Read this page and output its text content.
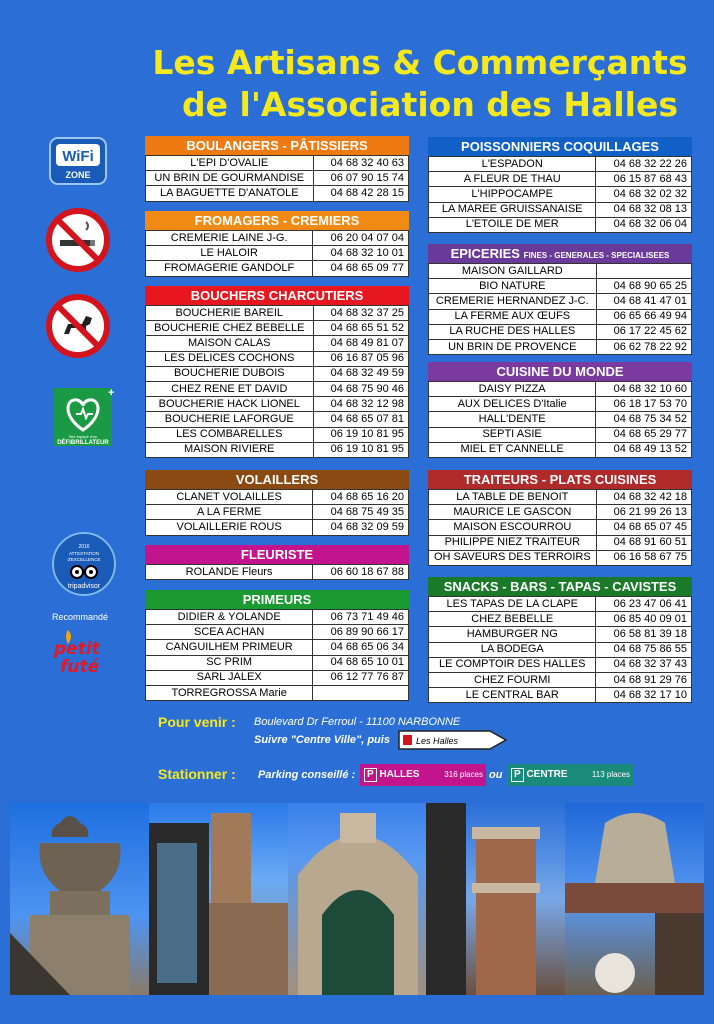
Les Artisans & Commerçants
de l'Association des Halles
WiFi
ZONE
+
Site équipé d'un
DÉFIBRILLATEUR
2016
ATTESTATION
d'EXCELLENCE
tripadvisor
Recommandé
petit
futé
BOULANGERS - PÂTISSIERS
L'EPI D'OVALIE	04 68 32 40 63
UN BRIN DE GOURMANDISE	06 07 90 15 74
LA BAGUETTE D'ANATOLE	04 68 42 28 15
FROMAGERS - CREMIERS
CREMERIE LAINE J-G.	06 20 04 07 04
LE HALOIR	04 68 32 10 01
FROMAGERIE GANDOLF	04 68 65 09 77
BOUCHERS CHARCUTIERS
BOUCHERIE BAREIL	04 68 32 37 25
BOUCHERIE CHEZ BEBELLE	04 68 65 51 52
MAISON CALAS	04 68 49 81 07
LES DELICES COCHONS	06 16 87 05 96
BOUCHERIE DUBOIS	04 68 32 49 59
CHEZ RENE ET DAVID	04 68 75 90 46
BOUCHERIE HACK LIONEL	04 68 32 12 98
BOUCHERIE LAFORGUE	04 68 65 07 81
LES COMBARELLES	06 19 10 81 95
MAISON RIVIERE	06 19 10 81 95
VOLAILLERS
CLANET VOLAILLES	04 68 65 16 20
A LA FERME	04 68 75 49 35
VOLAILLERIE ROUS	04 68 32 09 59
FLEURISTE
ROLANDE Fleurs	06 60 18 67 88
PRIMEURS
DIDIER & YOLANDE	06 73 71 49 46
SCEA ACHAN	06 89 90 66 17
CANGUILHEM PRIMEUR	04 68 65 06 34
SC PRIM	04 68 65 10 01
SARL JALEX	06 12 77 76 87
TORREGROSSA Marie	
POISSONNIERS COQUILLAGES
L'ESPADON	04 68 32 22 26
A FLEUR DE THAU	06 15 87 68 43
L'HIPPOCAMPE	04 68 32 02 32
LA MAREE GRUISSANAISE	04 68 32 08 13
L'ETOILE DE MER	04 68 32 06 04
EPICERIES FINES - GENERALES - SPECIALISEES
MAISON GAILLARD	
BIO NATURE	04 68 90 65 25
CREMERIE HERNANDEZ J-C.	04 68 41 47 01
LA FERME AUX ŒUFS	06 65 66 49 94
LA RUCHE DES HALLES	06 17 22 45 62
UN BRIN DE PROVENCE	06 62 78 22 92
CUISINE DU MONDE
DAISY PIZZA	04 68 32 10 60
AUX DELICES D'Italie	06 18 17 53 70
HALL'DENTE	04 68 75 34 52
SEPTI ASIE	04 68 65 29 77
MIEL ET CANNELLE	04 68 49 13 52
TRAITEURS - PLATS CUISINES
LA TABLE DE BENOIT	04 68 32 42 18
MAURICE LE GASCON	06 21 99 26 13
MAISON ESCOURROU	04 68 65 07 45
PHILIPPE NIEZ TRAITEUR	04 68 91 60 51
OH SAVEURS DES TERROIRS	06 16 58 67 75
SNACKS - BARS - TAPAS - CAVISTES
LES TAPAS DE LA CLAPE	06 23 47 06 41
CHEZ BEBELLE	06 85 40 09 01
HAMBURGER NG	06 58 81 39 18
LA BODEGA	04 68 75 86 55
LE COMPTOIR DES HALLES	04 68 32 37 43
CHEZ FOURMI	04 68 91 29 76
LE CENTRAL BAR	04 68 32 17 10
Pour venir : Boulevard Dr Ferroul - 11100 NARBONNE
Suivre "Centre Ville", puis	Les Halles
Stationner : Parking conseillé :	P HALLES	316 places ou	P CENTRE	113 places
